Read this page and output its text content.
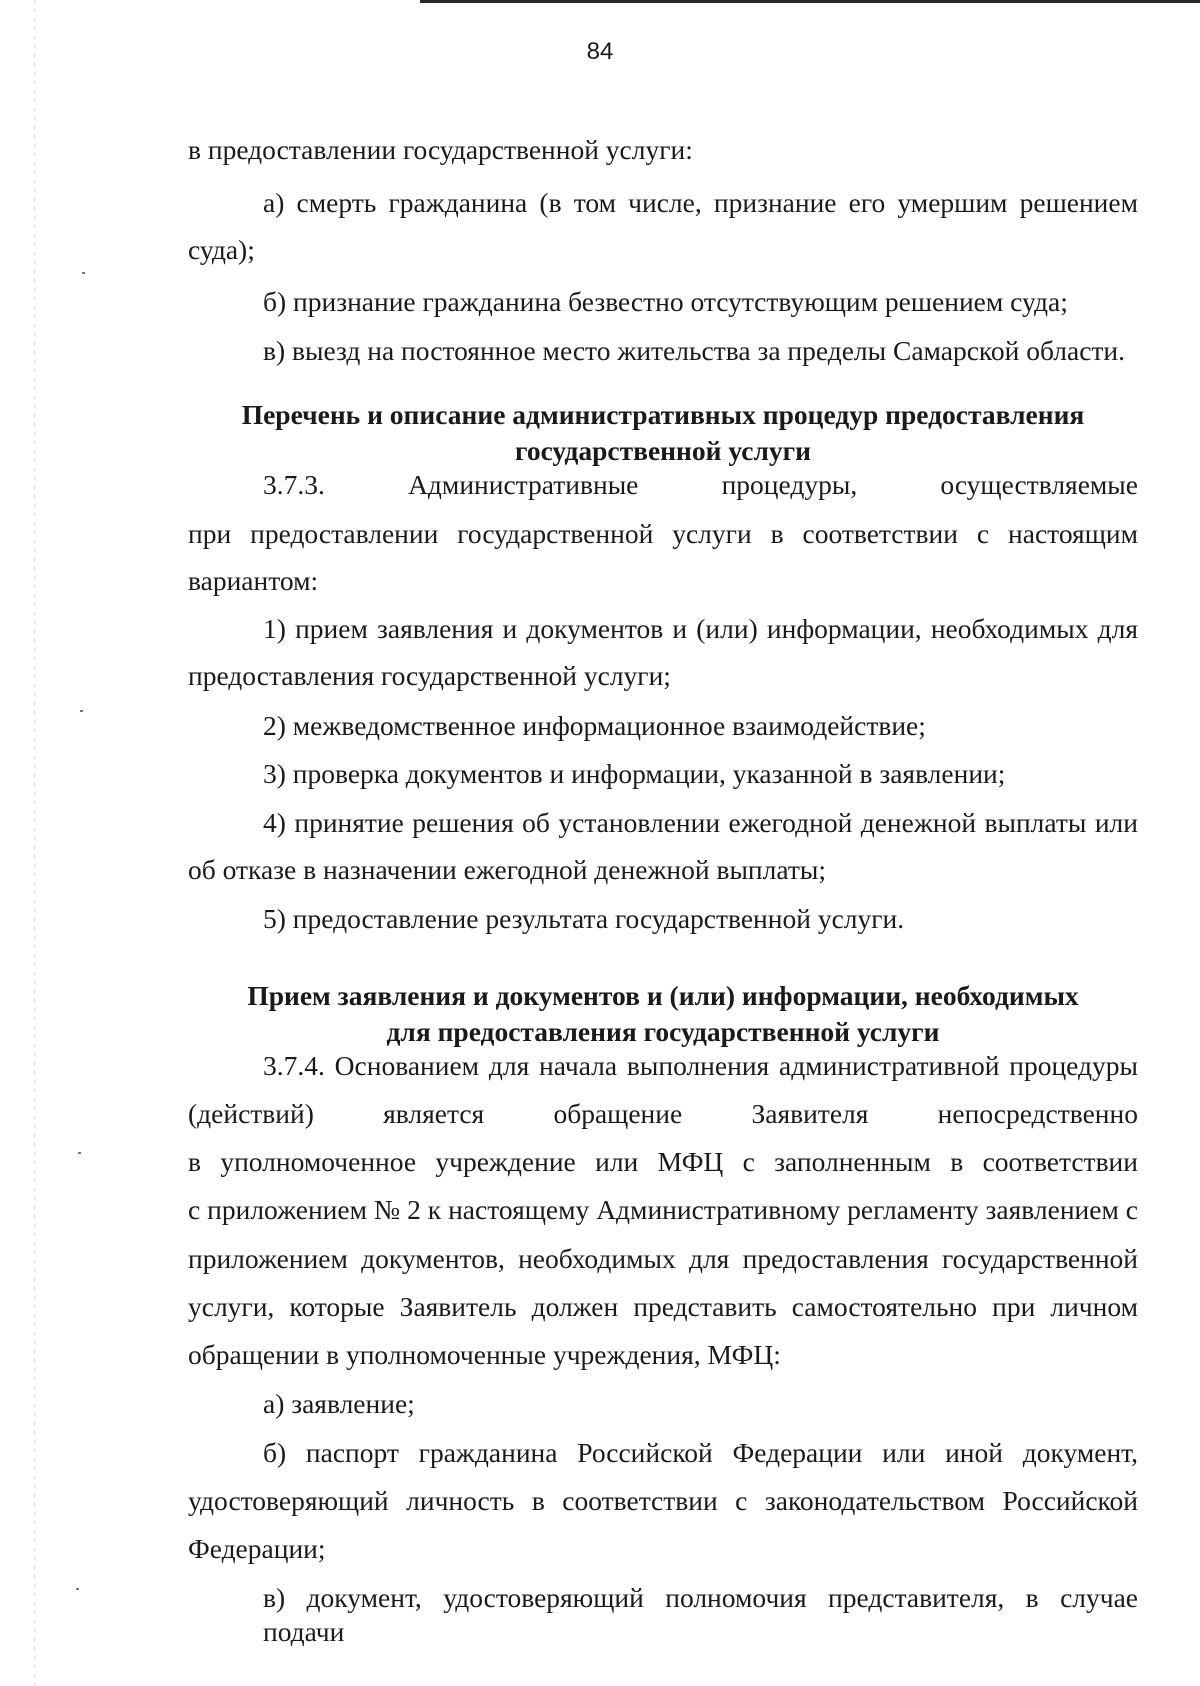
84
в предоставлении государственной услуги:
а) смерть гражданина (в том числе, признание его умершим решением
суда);
б) признание гражданина безвестно отсутствующим решением суда;
в) выезд на постоянное место жительства за пределы Самарской области.
Перечень и описание административных процедур предоставления
государственной услуги
3.7.3. Административные процедуры, осуществляемые
при предоставлении государственной услуги в соответствии с настоящим
вариантом:
1) прием заявления и документов и (или) информации, необходимых для
предоставления государственной услуги;
2) межведомственное информационное взаимодействие;
3) проверка документов и информации, указанной в заявлении;
4) принятие решения об установлении ежегодной денежной выплаты или
об отказе в назначении ежегодной денежной выплаты;
5) предоставление результата государственной услуги.
Прием заявления и документов и (или) информации, необходимых
для предоставления государственной услуги
3.7.4. Основанием для начала выполнения административной процедуры
(действий) является обращение Заявителя непосредственно
в уполномоченное учреждение или МФЦ с заполненным в соответствии
с приложением № 2 к настоящему Административному регламенту заявлением с
приложением документов, необходимых для предоставления государственной
услуги, которые Заявитель должен представить самостоятельно при личном
обращении в уполномоченные учреждения, МФЦ:
а) заявление;
б) паспорт гражданина Российской Федерации или иной документ,
удостоверяющий личность в соответствии с законодательством Российской
Федерации;
в) документ, удостоверяющий полномочия представителя, в случае подачи
